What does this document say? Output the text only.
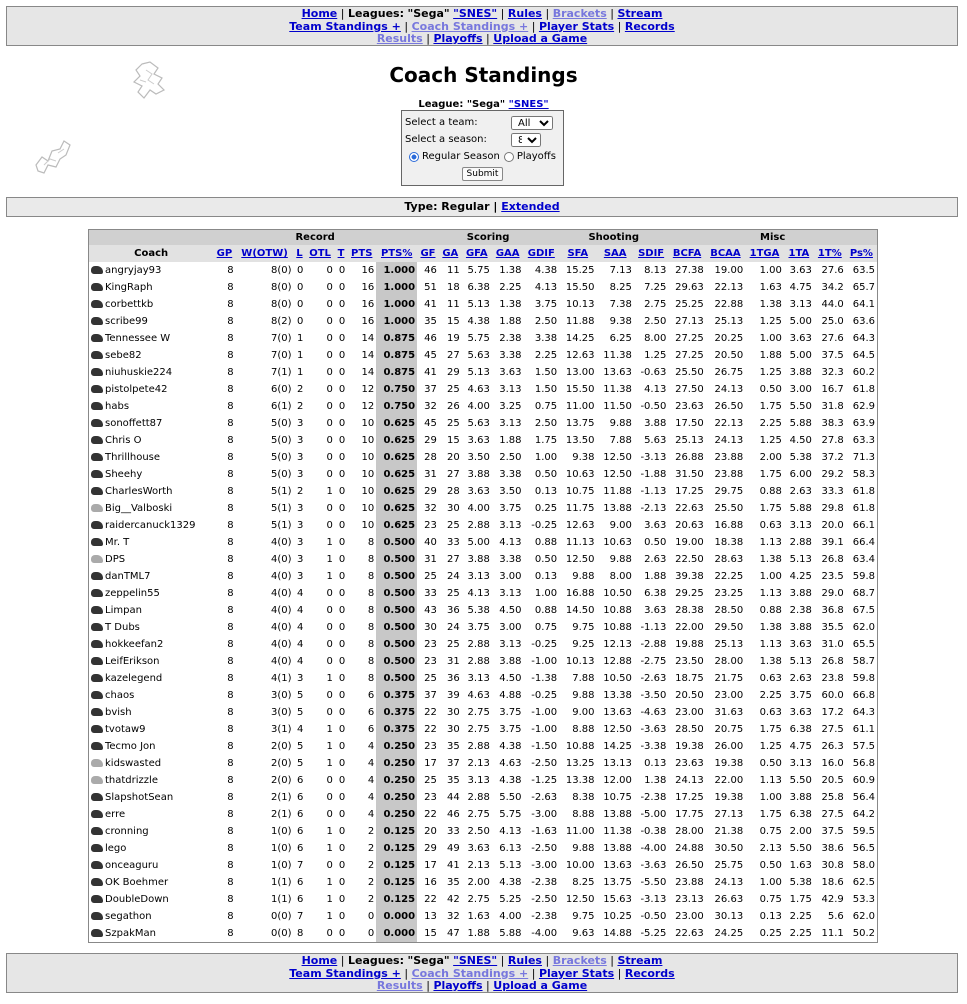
Home | Leagues: "Sega" "SNES" | Rules | Brackets | Stream
Team Standings + | Coach Standings + | Player Stats | Records
Results | Playoffs | Upload a Game
Coach Standings
League: "Sega" "SNES"
Select a team:
All
Select a season:
8
Regular Season Playoffs
Submit
Type: Regular | Extended
	Record							Scoring					Shooting			Misc					
Coach	GP	W(OTW)	L	OTL	T	PTS	PTS%	GF	GA	GFA	GAA	GDIF	SFA	SAA	SDIF	BCFA	BCAA	1TGA	1TA	1T%	Ps%
angryjay93	8	8(0)	0	0	0	16	1.000	46	11	5.75	1.38	4.38	15.25	7.13	8.13	27.38	19.00	1.00	3.63	27.6	63.5
KingRaph	8	8(0)	0	0	0	16	1.000	51	18	6.38	2.25	4.13	15.50	8.25	7.25	29.63	22.13	1.63	4.75	34.2	65.7
corbettkb	8	8(0)	0	0	0	16	1.000	41	11	5.13	1.38	3.75	10.13	7.38	2.75	25.25	22.88	1.38	3.13	44.0	64.1
scribe99	8	8(2)	0	0	0	16	1.000	35	15	4.38	1.88	2.50	11.88	9.38	2.50	27.13	25.13	1.25	5.00	25.0	63.6
Tennessee W	8	7(0)	1	0	0	14	0.875	46	19	5.75	2.38	3.38	14.25	6.25	8.00	27.25	20.25	1.00	3.63	27.6	64.3
sebe82	8	7(0)	1	0	0	14	0.875	45	27	5.63	3.38	2.25	12.63	11.38	1.25	27.25	20.50	1.88	5.00	37.5	64.5
niuhuskie224	8	7(1)	1	0	0	14	0.875	41	29	5.13	3.63	1.50	13.00	13.63	-0.63	25.50	26.75	1.25	3.88	32.3	60.2
pistolpete42	8	6(0)	2	0	0	12	0.750	37	25	4.63	3.13	1.50	15.50	11.38	4.13	27.50	24.13	0.50	3.00	16.7	61.8
habs	8	6(1)	2	0	0	12	0.750	32	26	4.00	3.25	0.75	11.00	11.50	-0.50	23.63	26.50	1.75	5.50	31.8	62.9
sonoffett87	8	5(0)	3	0	0	10	0.625	45	25	5.63	3.13	2.50	13.75	9.88	3.88	17.50	22.13	2.25	5.88	38.3	63.9
Chris O	8	5(0)	3	0	0	10	0.625	29	15	3.63	1.88	1.75	13.50	7.88	5.63	25.13	24.13	1.25	4.50	27.8	63.3
Thrillhouse	8	5(0)	3	0	0	10	0.625	28	20	3.50	2.50	1.00	9.38	12.50	-3.13	26.88	23.88	2.00	5.38	37.2	71.3
Sheehy	8	5(0)	3	0	0	10	0.625	31	27	3.88	3.38	0.50	10.63	12.50	-1.88	31.50	23.88	1.75	6.00	29.2	58.3
CharlesWorth	8	5(1)	2	1	0	10	0.625	29	28	3.63	3.50	0.13	10.75	11.88	-1.13	17.25	29.75	0.88	2.63	33.3	61.8
Big__Valboski	8	5(1)	3	0	0	10	0.625	32	30	4.00	3.75	0.25	11.75	13.88	-2.13	22.63	25.50	1.75	5.88	29.8	61.8
raidercanuck1329	8	5(1)	3	0	0	10	0.625	23	25	2.88	3.13	-0.25	12.63	9.00	3.63	20.63	16.88	0.63	3.13	20.0	66.1
Mr. T	8	4(0)	3	1	0	8	0.500	40	33	5.00	4.13	0.88	11.13	10.63	0.50	19.00	18.38	1.13	2.88	39.1	66.4
DPS	8	4(0)	3	1	0	8	0.500	31	27	3.88	3.38	0.50	12.50	9.88	2.63	22.50	28.63	1.38	5.13	26.8	63.4
danTML7	8	4(0)	3	1	0	8	0.500	25	24	3.13	3.00	0.13	9.88	8.00	1.88	39.38	22.25	1.00	4.25	23.5	59.8
zeppelin55	8	4(0)	4	0	0	8	0.500	33	25	4.13	3.13	1.00	16.88	10.50	6.38	29.25	23.25	1.13	3.88	29.0	68.7
Limpan	8	4(0)	4	0	0	8	0.500	43	36	5.38	4.50	0.88	14.50	10.88	3.63	28.38	28.50	0.88	2.38	36.8	67.5
T Dubs	8	4(0)	4	0	0	8	0.500	30	24	3.75	3.00	0.75	9.75	10.88	-1.13	22.00	29.50	1.38	3.88	35.5	62.0
hokkeefan2	8	4(0)	4	0	0	8	0.500	23	25	2.88	3.13	-0.25	9.25	12.13	-2.88	19.88	25.13	1.13	3.63	31.0	65.5
LeifErikson	8	4(0)	4	0	0	8	0.500	23	31	2.88	3.88	-1.00	10.13	12.88	-2.75	23.50	28.00	1.38	5.13	26.8	58.7
kazelegend	8	4(1)	3	1	0	8	0.500	25	36	3.13	4.50	-1.38	7.88	10.50	-2.63	18.75	21.75	0.63	2.63	23.8	59.8
chaos	8	3(0)	5	0	0	6	0.375	37	39	4.63	4.88	-0.25	9.88	13.38	-3.50	20.50	23.00	2.25	3.75	60.0	66.8
bvish	8	3(0)	5	0	0	6	0.375	22	30	2.75	3.75	-1.00	9.00	13.63	-4.63	23.00	31.63	0.63	3.63	17.2	64.3
tvotaw9	8	3(1)	4	1	0	6	0.375	22	30	2.75	3.75	-1.00	8.88	12.50	-3.63	28.50	20.75	1.75	6.38	27.5	61.1
Tecmo Jon	8	2(0)	5	1	0	4	0.250	23	35	2.88	4.38	-1.50	10.88	14.25	-3.38	19.38	26.00	1.25	4.75	26.3	57.5
kidswasted	8	2(0)	5	1	0	4	0.250	17	37	2.13	4.63	-2.50	13.25	13.13	0.13	23.63	19.38	0.50	3.13	16.0	56.8
thatdrizzle	8	2(0)	6	0	0	4	0.250	25	35	3.13	4.38	-1.25	13.38	12.00	1.38	24.13	22.00	1.13	5.50	20.5	60.9
SlapshotSean	8	2(1)	6	0	0	4	0.250	23	44	2.88	5.50	-2.63	8.38	10.75	-2.38	17.25	19.38	1.00	3.88	25.8	56.4
erre	8	2(1)	6	0	0	4	0.250	22	46	2.75	5.75	-3.00	8.88	13.88	-5.00	17.75	27.13	1.75	6.38	27.5	64.2
cronning	8	1(0)	6	1	0	2	0.125	20	33	2.50	4.13	-1.63	11.00	11.38	-0.38	28.00	21.38	0.75	2.00	37.5	59.5
lego	8	1(0)	6	1	0	2	0.125	29	49	3.63	6.13	-2.50	9.88	13.88	-4.00	24.88	30.50	2.13	5.50	38.6	56.5
onceaguru	8	1(0)	7	0	0	2	0.125	17	41	2.13	5.13	-3.00	10.00	13.63	-3.63	26.50	25.75	0.50	1.63	30.8	58.0
OK Boehmer	8	1(1)	6	1	0	2	0.125	16	35	2.00	4.38	-2.38	8.25	13.75	-5.50	23.88	24.13	1.00	5.38	18.6	62.5
DoubleDown	8	1(1)	6	1	0	2	0.125	22	42	2.75	5.25	-2.50	12.50	15.63	-3.13	23.13	26.63	0.75	1.75	42.9	53.3
segathon	8	0(0)	7	1	0	0	0.000	13	32	1.63	4.00	-2.38	9.75	10.25	-0.50	23.00	30.13	0.13	2.25	5.6	62.0
SzpakMan	8	0(0)	8	0	0	0	0.000	15	47	1.88	5.88	-4.00	9.63	14.88	-5.25	22.63	24.25	0.25	2.25	11.1	50.2
Home | Leagues: "Sega" "SNES" | Rules | Brackets | Stream
Team Standings + | Coach Standings + | Player Stats | Records
Results | Playoffs | Upload a Game
